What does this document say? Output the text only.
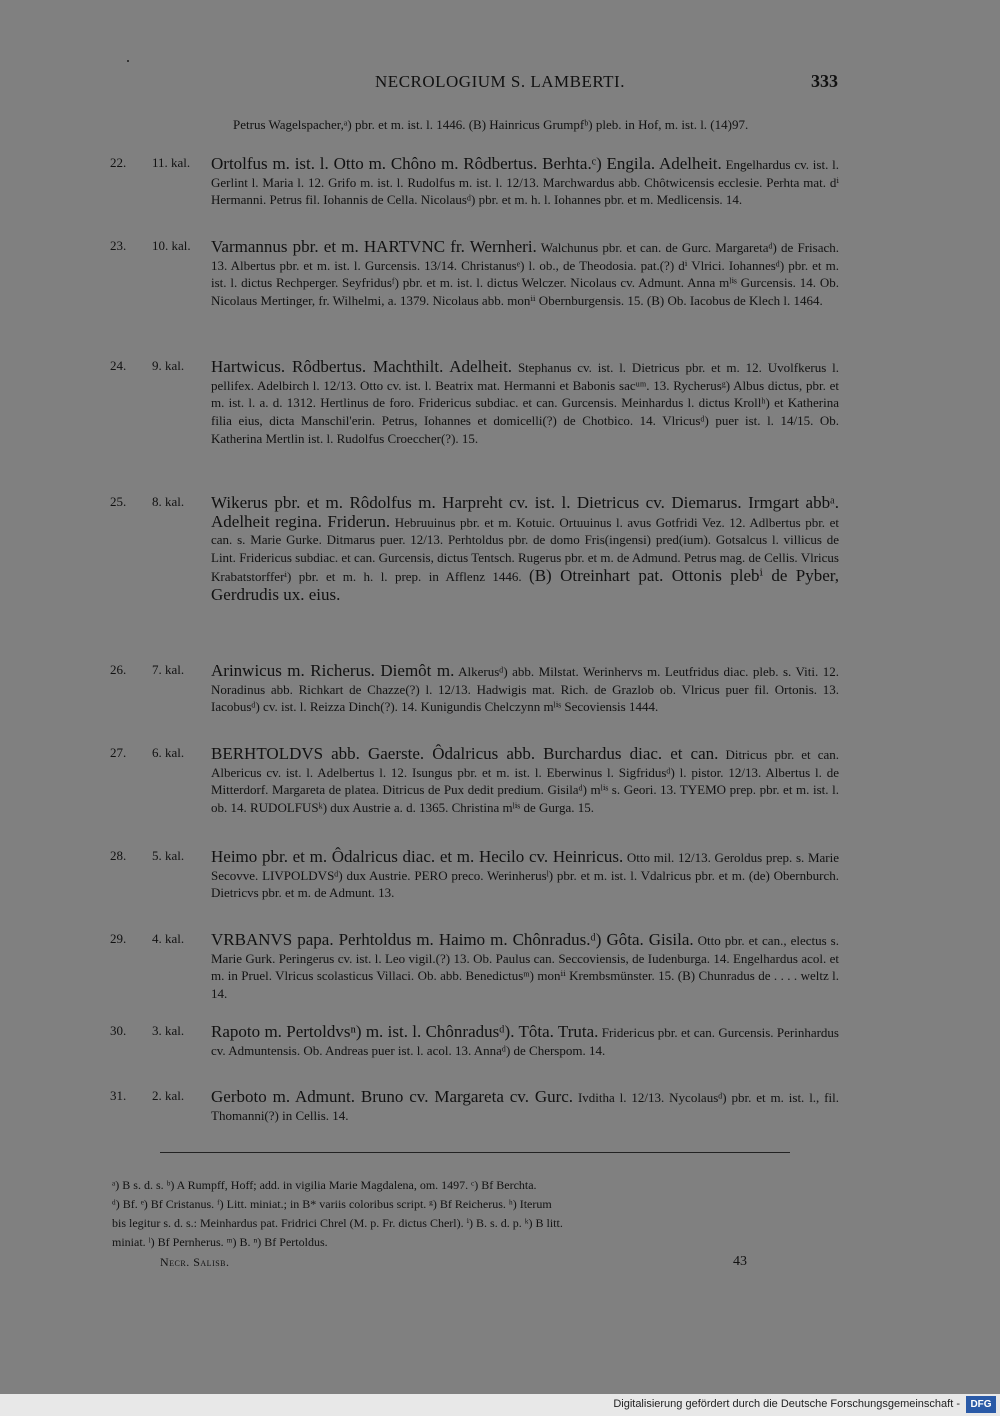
NECROLOGIUM S. LAMBERTI.	333
Petrus Wagelspacher,ᵃ) pbr. et m. ist. l. 1446. (B) Hainricus Grumpfᵇ) pleb. in Hof, m. ist. l. (14)97.
22.	11. kal.	Ortolfus m. ist. l. Otto m. Chôno m. Rôdbertus. Berhta.ᶜ) Engila. Adelheit. Engelhardus cv. ist. l. Gerlint l. Maria l. 12. Grifo m. ist. l. Rudolfus m. ist. l. 12/13. Marchwardus abb. Chôtwicensis ecclesie. Perhta mat. dⁱ Hermanni. Petrus fil. Iohannis de Cella. Nicolausᵈ) pbr. et m. h. l. Iohannes pbr. et m. Medlicensis. 14.
23.	10. kal.	Varmannus pbr. et m. HARTVNC fr. Wernheri. Walchunus pbr. et can. de Gurc. Margaretaᵈ) de Frisach. 13. Albertus pbr. et m. ist. l. Gurcensis. 13/14. Christanusᵉ) l. ob., de Theodosia. pat.(?) dⁱ Vlrici. Iohannesᵈ) pbr. et m. ist. l. dictus Rechperger. Seyfridusᶠ) pbr. et m. ist. l. dictus Welczer. Nicolaus cv. Admunt. Anna mˡⁱˢ Gurcensis. 14. Ob. Nicolaus Mertinger, fr. Wilhelmi, a. 1379. Nicolaus abb. monⁱⁱ Obernburgensis. 15. (B) Ob. Iacobus de Klech l. 1464.
24.	9. kal.	Hartwicus. Rôdbertus. Machthilt. Adelheit. Stephanus cv. ist. l. Dietricus pbr. et m. 12. Uvolfkerus l. pellifex. Adelbirch l. 12/13. Otto cv. ist. l. Beatrix mat. Hermanni et Babonis sacᵘᵐ. 13. Rycherusᵍ) Albus dictus, pbr. et m. ist. l. a. d. 1312. Hertlinus de foro. Fridericus subdiac. et can. Gurcensis. Meinhardus l. dictus Krollʰ) et Katherina filia eius, dicta Manschil'erin. Petrus, Iohannes et domicelli(?) de Chotbico. 14. Vlricusᵈ) puer ist. l. 14/15. Ob. Katherina Mertlin ist. l. Rudolfus Croeccher(?). 15.
25.	8. kal.	Wikerus pbr. et m. Rôdolfus m. Harpreht cv. ist. l. Dietricus cv. Diemarus. Irmgart abbᵃ. Adelheit regina. Friderun. Hebruuinus pbr. et m. Kotuic. Ortuuinus l. avus Gotfridi Vez. 12. Adlbertus pbr. et can. s. Marie Gurke. Ditmarus puer. 12/13. Perhtoldus pbr. de domo Fris(ingensi) pred(ium). Gotsalcus l. villicus de Lint. Fridericus subdiac. et can. Gurcensis, dictus Tentsch. Rugerus pbr. et m. de Admund. Petrus mag. de Cellis. Vlricus Krabatstorfferⁱ) pbr. et m. h. l. prep. in Afflenz 1446. (B) Otreinhart pat. Ottonis plebⁱ de Pyber, Gerdrudis ux. eius.
26.	7. kal.	Arinwicus m. Richerus. Diemôt m. Alkerusᵈ) abb. Milstat. Werinhervs m. Leutfridus diac. pleb. s. Viti. 12. Noradinus abb. Richkart de Chazze(?) l. 12/13. Hadwigis mat. Rich. de Grazlob ob. Vlricus puer fil. Ortonis. 13. Iacobusᵈ) cv. ist. l. Reizza Dinch(?). 14. Kunigundis Chelczynn mˡⁱˢ Secoviensis 1444.
27.	6. kal.	BERHTOLDVS abb. Gaerste. Ôdalricus abb. Burchardus diac. et can. Ditricus pbr. et can. Albericus cv. ist. l. Adelbertus l. 12. Isungus pbr. et m. ist. l. Eberwinus l. Sigfridusᵈ) l. pistor. 12/13. Albertus l. de Mitterdorf. Margareta de platea. Ditricus de Pux dedit predium. Gisilaᵈ) mˡⁱˢ s. Geori. 13. TYEMO prep. pbr. et m. ist. l. ob. 14. RUDOLFUSᵏ) dux Austrie a. d. 1365. Christina mˡⁱˢ de Gurga. 15.
28.	5. kal.	Heimo pbr. et m. Ôdalricus diac. et m. Hecilo cv. Heinricus. Otto mil. 12/13. Geroldus prep. s. Marie Secovve. LIVPOLDVSᵈ) dux Austrie. PERO preco. Werinherusˡ) pbr. et m. ist. l. Vdalricus pbr. et m. (de) Obernburch. Dietricvs pbr. et m. de Admunt. 13.
29.	4. kal.	VRBANVS papa. Perhtoldus m. Haimo m. Chônradus.ᵈ) Gôta. Gisila. Otto pbr. et can., electus s. Marie Gurk. Peringerus cv. ist. l. Leo vigil.(?) 13. Ob. Paulus can. Seccoviensis, de Iudenburga. 14. Engelhardus acol. et m. in Pruel. Vlricus scolasticus Villaci. Ob. abb. Benedictusᵐ) monⁱⁱ Krembsmünster. 15. (B) Chunradus de . . . . weltz l. 14.
30.	3. kal.	Rapoto m. Pertoldvsⁿ) m. ist. l. Chônradusᵈ). Tôta. Truta. Fridericus pbr. et can. Gurcensis. Perinhardus cv. Admuntensis. Ob. Andreas puer ist. l. acol. 13. Annaᵈ) de Cherspom. 14.
31.	2. kal.	Gerboto m. Admunt. Bruno cv. Margareta cv. Gurc. Ivditha l. 12/13. Nycolausᵈ) pbr. et m. ist. l., fil. Thomanni(?) in Cellis. 14.

ᵃ) B s. d. s. ᵇ) A Rumpff, Hoff; add. in vigilia Marie Magdalena, om. 1497. ᶜ) Bf Berchta.

ᵈ) Bf. ᵉ) Bf Cristanus. ᶠ) Litt. miniat.; in B* variis coloribus script. ᵍ) Bf Reicherus. ʰ) Iterum

bis legitur s. d. s.: Meinhardus pat. Fridrici Chrel (M. p. Fr. dictus Cherl). ⁱ) B. s. d. p. ᵏ) B litt.

miniat. ˡ) Bf Pernherus. ᵐ) B. ⁿ) Bf Pertoldus.

Necr. Salisb.	43
Digitalisierung gefördert durch die Deutsche Forschungsgemeinschaft -	DFG
